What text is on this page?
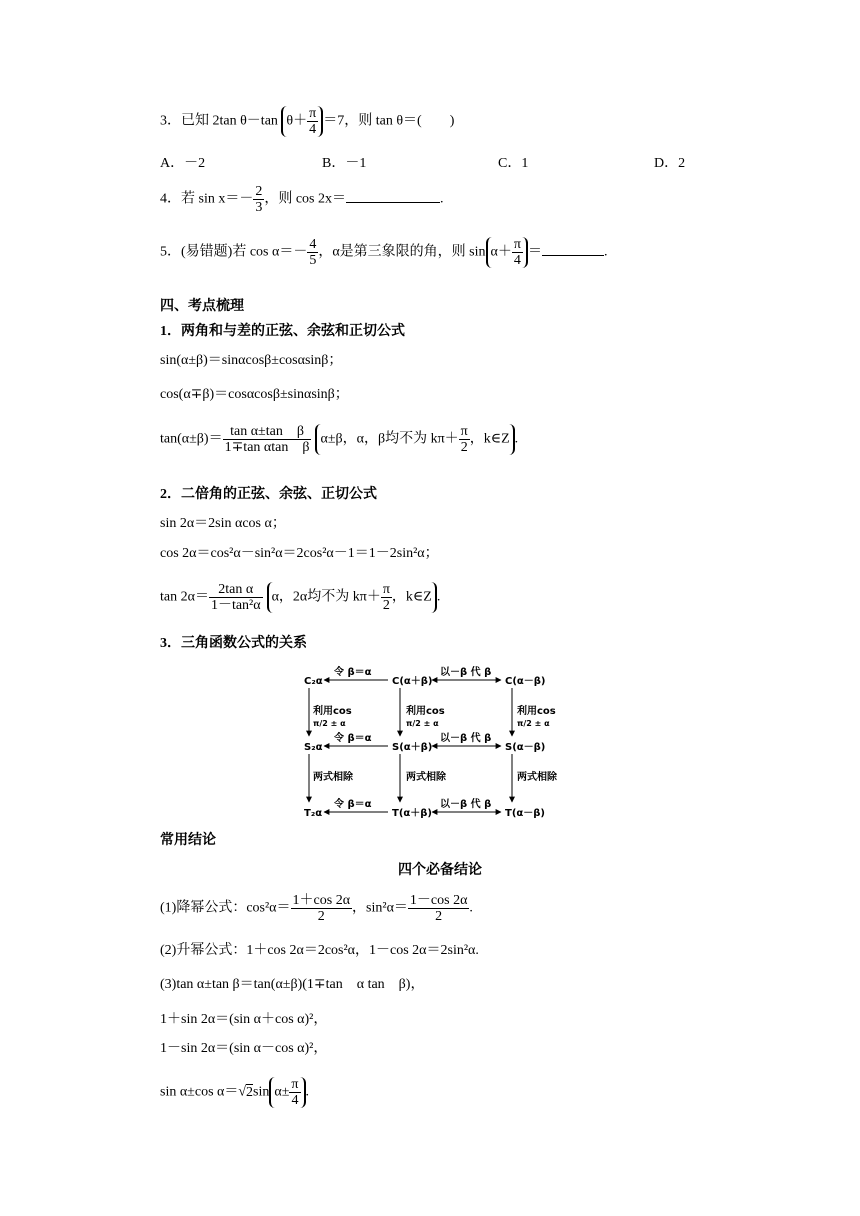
3．已知 2tan θ－tan $\theta+ \frac{\pi}{4} =7$，则 tan θ＝(　　)
A．－2	B．－1	C．1	D．2
4．若 $\sin x=- \frac{2}{3}$ ，则 cos 2x＝	.
5．(易错题)若 $\cos \alpha=- \frac{4}{5}$ ，α是第三象限的角，则 $\sin \alpha+ \frac{\pi}{4}$ ＝	.
四、考点梳理
1．两角和与差的正弦、余弦和正切公式
sin(α±β)＝sinαcosβ±cosαsinβ；
cos(α∓β)＝cosαcosβ±sinαsinβ；
$\tan(\alpha\pm\beta)= \frac{\text{tan α±tan　β}}{\text{1∓tan αtan　β}} \alpha\pm\beta$，α，β均不为 $k\pi+ \frac{\pi}{2}$ ，k∈Z .
2．二倍角的正弦、余弦、正切公式
sin 2α＝2sin αcos α；
cos 2α＝cos²α－sin²α＝2cos²α－1＝1－2sin²α；
$\tan 2\alpha= \frac{\text{2tan α}}{\text{1－tan²α}}$ α，2α均不为 $k\pi+ \frac{\pi}{2}$ ，k∈Z .
3．三角函数公式的关系
C₂α	C(α＋β)	C(α－β)
S₂α	S(α＋β)	S(α－β)
T₂α	T(α＋β)	T(α－β)
令 β＝α	以－β 代 β
令 β＝α	以－β 代 β
令 β＝α	以－β 代 β
利用cos
π/2 ± α
两式相除
利用cos
π/2 ± α
两式相除
利用cos
π/2 ± α
两式相除
常用结论
四个必备结论
(1)降幂公式：$\cos^2\alpha= \frac{1+\cos 2\alpha}{2}$ ，$\sin^2\alpha= \frac{1-\cos 2\alpha}{2}$ .
(2)升幂公式：1＋cos 2α＝2cos²α，1－cos 2α＝2sin²α.
(3)tan α±tan β＝tan(α±β)(1∓tan　α tan　β)，
1＋sin 2α＝(sin α＋cos α)²，
1－sin 2α＝(sin α－cos α)²，
sin α±cos α＝√2sin $\alpha\pm \frac{\pi}{4}$ .
